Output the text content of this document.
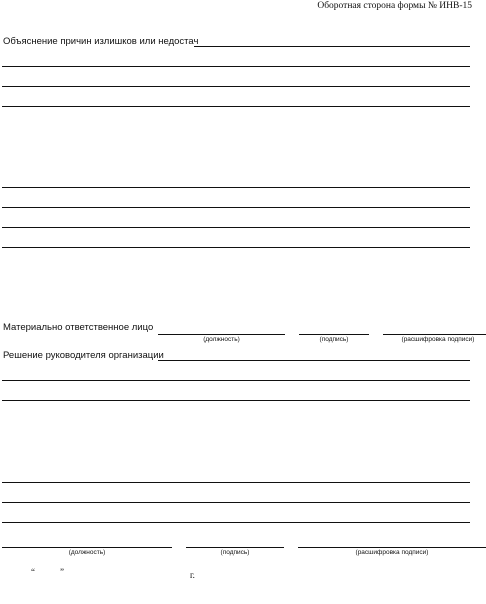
Оборотная сторона формы № ИНВ-15
Объяснение причин излишков или недостач
Материально ответственное лицо
(должность)	(подпись)	(расшифровка подписи)
Решение руководителя организации
(должность)	(подпись)	(расшифровка подписи)
“	”	г.
